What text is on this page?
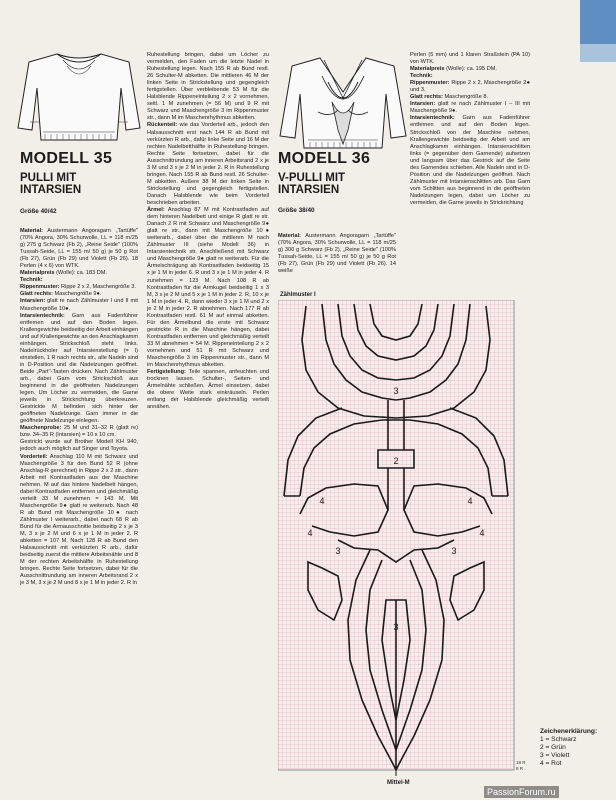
MODELL 35
PULLI MIT INTARSIEN
Größe 40/42

Material: Austermann Angoragarn „Tartüffe" (70% Angora, 30% Schurwolle, LL = 118 m/25 g) 275 g Schwarz (Fb 2), „Reine Seide" (100% Tussah-Seide, LL = 155 m/ 50 g) je 50 g Rot (Fb 27), Grün (Fb 29) und Violett (Fb 26). 18 Perlen (4 x 6) von WTK.

Materialpreis (Wolle): ca. 183 DM.

Technik:

Rippenmuster: Rippe 2 x 2, Maschengröße 3.

Glatt rechts: Maschengröße 9●.

Intarsien: glatt re nach Zählmuster I und II mit Maschengröße 10●.

Intarsientechnik: Garn aus Fadenführer entfernen und auf den Boden legen. Krallengewichte beidseitig der Arbeit einhängen und auf Krallengewichte an den Anschlagkamm einhängen. Strickschloß steht links. Nadelrückholer auf Intarsienstellung (= I) einstellen, 1 R nach rechts str., alle Nadeln sind in D-Position und die Nadelzungen geöffnet. Beide „Part"-Tasten drücken. Nach Zählmuster arb., dabei Garn vom Strickschloß aus beginnend in die geöffneten Nadelzungen legen. Um Löcher zu vermeiden, die Garne jeweils in Strickrichtung überkreuzen. Gestrickte M befinden sich hinter der geöffneten Nadelzunge. Garn immer in die geöffnete Nadelzunge einlegen.

Maschenprobe: 25 M und 31–32 R (glatt re) bzw. 34–35 R (Intarsien) = 10 x 10 cm.

Gestrickt wurde auf Brother Modell KH 940, jedoch auch möglich auf Singer und Toyota.

Vorderteil: Anschlag 110 M mit Schwarz und Maschengröße 3 für den Bund 52 R (ohne Anschlag-R gerechnet) in Rippe 2 x 2 str., dann Arbeit mit Kontrastfaden aus der Maschine nehmen. M auf das hintere Nadelbett hängen, dabei Kontrastfaden entfernen und gleichmäßig verteilt 33 M zunehmen = 143 M. Mit Maschengröße 9● glatt re weiterarb. Nach 48 R ab Bund mit Maschengröße 10● nach Zählmuster I weiterarb., dabei nach 68 R ab Bund für die Armausschnitte beidseitig 2 x je 3 M, 3 x je 2 M und 6 x je 1 M in jeder 2. R abketten = 107 M. Nach 128 R ab Bund den Halsausschnitt mit verkürzten R arb., dafür beidseitig zuerst die mittlere Arbeitsnähte und 8 M der rechten Arbeitshälfte in Ruhestellung bringen. Rechte Seite fortsetzen, dabei für die Ausschnittrundung am inneren Arbeitsrand 2 x je 3 M, 3 x je 2 M und 8 x je 1 M in jeder 2. R in

Ruhestellung bringen, dabei um Löcher zu vermeiden, den Faden um die letzte Nadel in Ruhestellung legen. Nach 155 R ab Bund restl. 26 Schulter-M abketten. Die mittleren 46 M der linken Seite in Strickstellung und gegengleich fertigstellen. Über verbleibende 53 M für die Halsblende Rippeneinteilung 2 x 2 vornehmen, seitl. 1 M zunehmen (= 56 M) und 9 R mit Schwarz und Maschengröße 3 im Rippenmuster str., dann M im Maschenrhythmus abketten.

Rückenteil: wie das Vorderteil arb., jedoch den Halsausschnitt erst nach 144 R ab Bund mit verkürzten R arb., dafür linke Seite und 16 M der rechten Nadelbetthälfte in Ruhestellung bringen. Rechte Seite fortsetzen, dabei für die Ausschnittrundung am inneren Arbeitsrand 2 x je 3 M und 3 x je 2 M in jeder 2. R in Ruhestellung bringen. Nach 155 R ab Bund restl. 26 Schulter-M abketten. Außere 38 M der linken Seite in Strickstellung und gegengleich fertigstellen. Danach Halsblende wie beim Vorderteil beschrieben arbeiten.

Ärmel: Anschlag 87 M mit Kontrastfaden auf dem hinteren Nadelbett und einige R glatt re str. Danach 2 R mit Schwarz und Maschengröße 9● glatt re str., dann mit Maschengröße 10● weiterarb., dabei über die mittleren M nach Zählmuster III (siehe Modell 36) in Intarsientechnik str. Anschließend mit Schwarz und Maschengröße 9● glatt re weiterarb. Für die Ärmelschrägung ab Kontrastfaden beidseitig 15 x je 1 M in jeder 6. R und 3 x je 1 M in jeder 4. R zunehmen = 123 M. Nach 108 R ab Kontrastfaden für die Armkugel beidseitig 1 x 3 M, 3 x je 2 M und 5 x je 1 M in jeder 2. R, 10 x je 1 M in jeder 4. R, dann wieder 3 x je 1 M und 2 x je 2 M in jeder 2. R abnehmen. Nach 177 R ab Kontrastfaden restl. 61 M auf einmal abketten. Für den Ärmelbund die erste mit Schwarz gestrickte R in die Maschine hängen, dabei Kontrastfaden entfernen und gleichmäßig verteilt 33 M abnehmen = 54 M. Rippeneinteilung 2 x 2 vornehmen und 51 R mit Schwarz und Maschengröße 3 im Rippenmuster str., dann M im Maschenrhythmus abketten.

Fertigstellung: Teile spannen, anfeuchten und trocknen lassen. Schulter-, Seiten- und Ärmelnähte schließen. Ärmel einsetzen, dabei die obere Weite stark einkräuseln. Perlen entlang der Halsblende gleichmäßig verteilt annähen.

MODELL 36
V-PULLI MIT INTARSIEN
Größe 38/40

Material: Austermann Angoragarn „Tartüffe" (70% Angora, 30% Schurwolle, LL = 118 m/25 g) 300 g Schwarz (Fb 2), „Reine Seide" (100% Tussah-Seide, LL = 155 m/ 50 g) je 50 g Rot (Fb 27), Grün (Fb 29) und Violett (Fb 26). 14 weiße

Perlen (5 mm) und 1 klaren Straßstein (PA 10) von WTK.

Materialpreis (Wolle): ca. 195 DM.

Technik:

Rippenmuster: Rippe 2 x 2, Maschengröße 2● und 3.

Glatt rechts: Maschengröße 8.

Intarsien: glatt re nach Zählmuster I – III mit Maschengröße 9●.

Intarsientechnik: Garn aus Fadenführer entfernen und auf den Boden legen. Strickschloß von der Maschine nehmen, Krallengewichte beidseitig der Arbeit und am Anschlagkamm einhängen. Intarsienschlitten links (= gegenüber dem Garnende) aufsetzen und langsam über das Gestrick auf die Seite des Garnendes schieben. Alle Nadeln sind in D-Position und die Nadelzungen geöffnet. Nach Zählmuster mit Intarsienschlitten arb. Das Garn vom Schlitten aus beginnend in die geöffneten Nadelzungen legen, dabei um Löcher zu vermeiden, die Garne jeweils in Strickrichtung

Zählmuster I
3
2
4	4
3	3
4	4
3
18 R
8 R
Mittel-M
Zeichenerklärung:
1 = Schwarz
2 = Grün
3 = Violett
4 = Rot
PassionForum.ru
